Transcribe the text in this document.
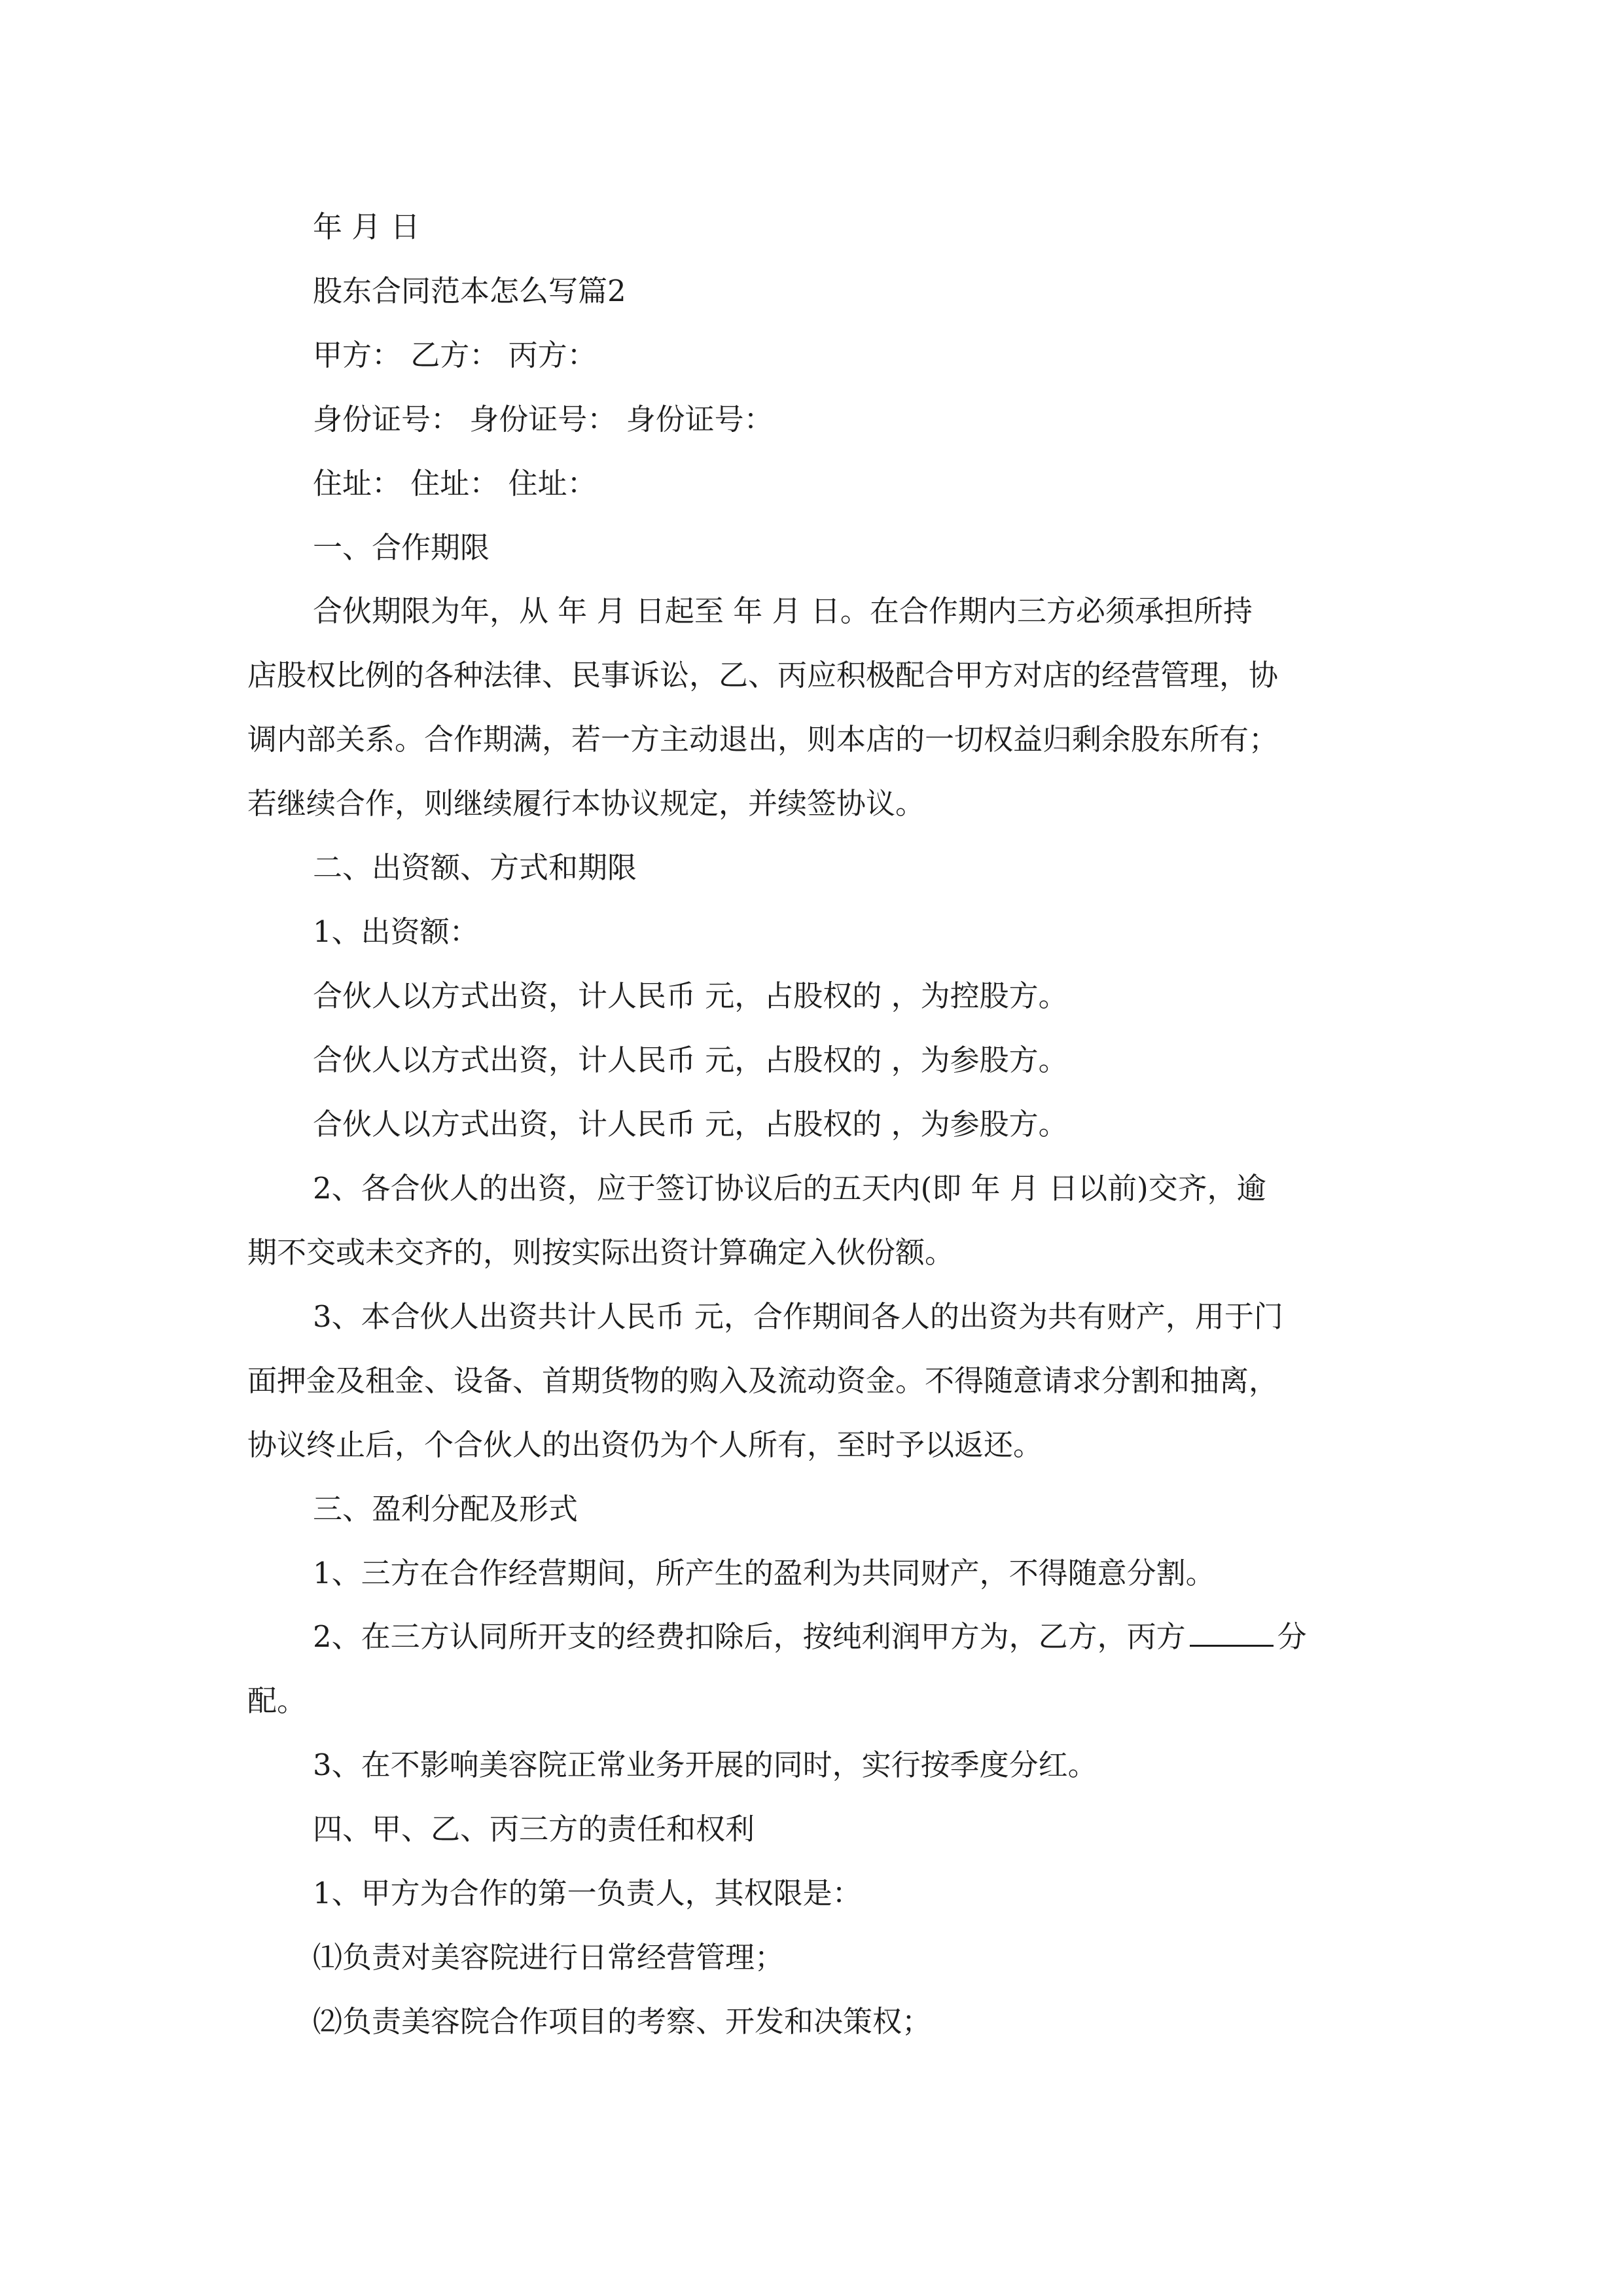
年 月 日
股东合同范本怎么写篇2
甲方： 乙方： 丙方：
身份证号： 身份证号： 身份证号：
住址： 住址： 住址：
一、合作期限
合伙期限为年，从 年 月 日起至 年 月 日。在合作期内三方必须承担所持
店股权比例的各种法律、民事诉讼，乙、丙应积极配合甲方对店的经营管理，协
调内部关系。合作期满，若一方主动退出，则本店的一切权益归剩余股东所有；
若继续合作，则继续履行本协议规定，并续签协议。
二、出资额、方式和期限
1、出资额：
合伙人以方式出资，计人民币 元，占股权的 ，为控股方。
合伙人以方式出资，计人民币 元，占股权的 ，为参股方。
合伙人以方式出资，计人民币 元，占股权的 ，为参股方。
2、各合伙人的出资，应于签订协议后的五天内(即 年 月 日以前)交齐，逾
期不交或未交齐的，则按实际出资计算确定入伙份额。
3、本合伙人出资共计人民币 元，合作期间各人的出资为共有财产，用于门
面押金及租金、设备、首期货物的购入及流动资金。不得随意请求分割和抽离，
协议终止后，个合伙人的出资仍为个人所有，至时予以返还。
三、盈利分配及形式
1、三方在合作经营期间，所产生的盈利为共同财产，不得随意分割。
2、在三方认同所开支的经费扣除后，按纯利润甲方为，乙方，丙方	分
配。
3、在不影响美容院正常业务开展的同时，实行按季度分红。
四、甲、乙、丙三方的责任和权利
1、甲方为合作的第一负责人，其权限是：
⑴负责对美容院进行日常经营管理；
⑵负责美容院合作项目的考察、开发和决策权；
